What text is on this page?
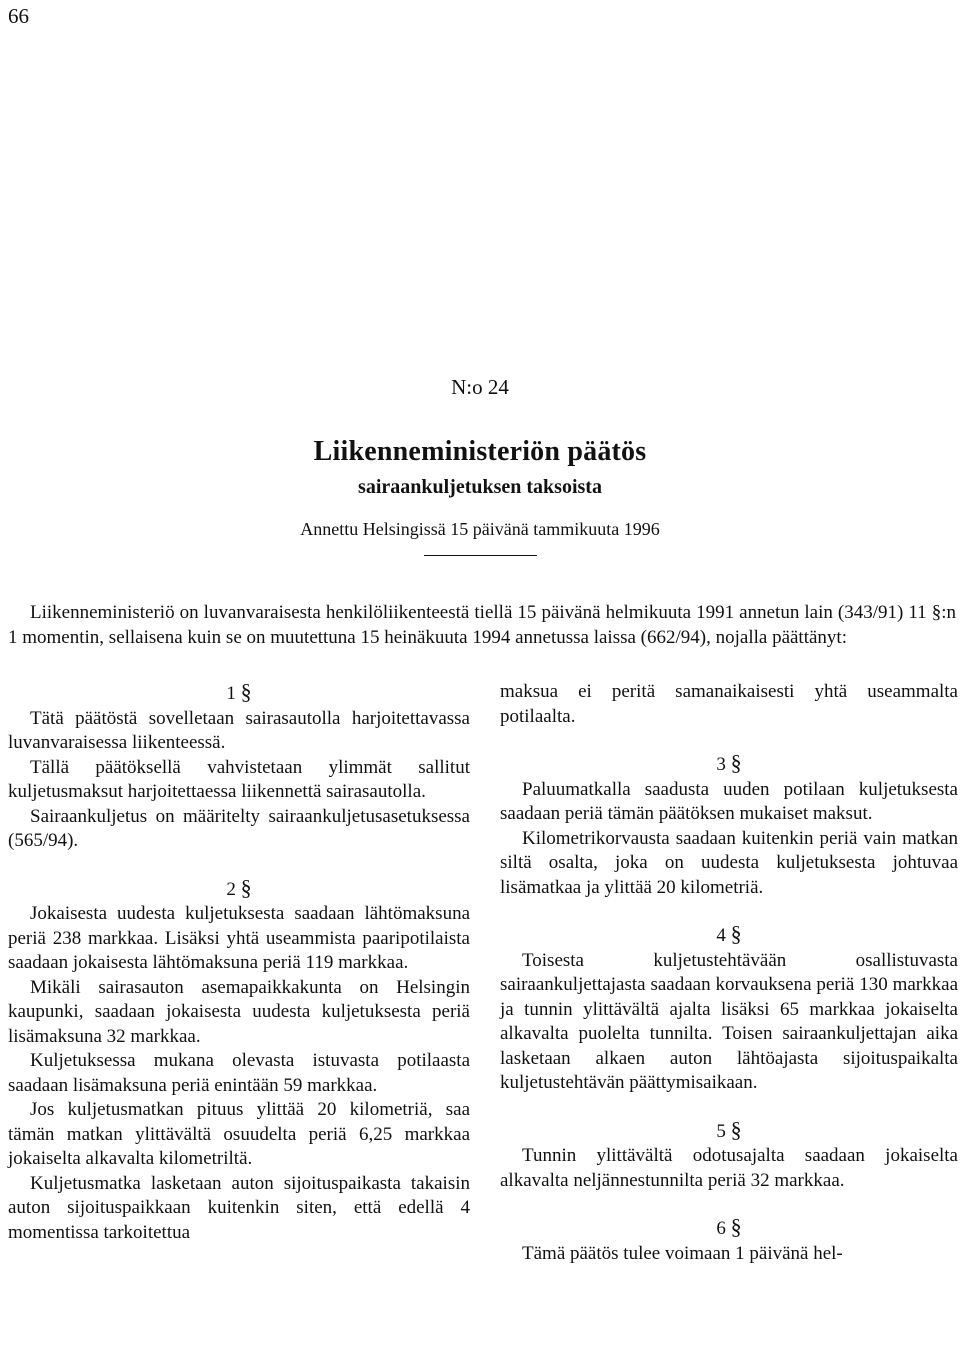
66
N:o 24
Liikenneministeriön päätös
sairaankuljetuksen taksoista
Annettu Helsingissä 15 päivänä tammikuuta 1996

Liikenneministeriö on luvanvaraisesta henkilöliikenteestä tiellä 15 päivänä helmikuuta 1991 annetun lain (343/91) 11 §:n 1 momentin, sellaisena kuin se on muutettuna 15 heinäkuuta 1994 annetussa laissa (662/94), nojalla päättänyt:

1 §

Tätä päätöstä sovelletaan sairasautolla harjoitettavassa luvanvaraisessa liikenteessä.

Tällä päätöksellä vahvistetaan ylimmät sallitut kuljetusmaksut harjoitettaessa liikennettä sairasautolla.

Sairaankuljetus on määritelty sairaankuljetusasetuksessa (565/94).

2 §

Jokaisesta uudesta kuljetuksesta saadaan lähtömaksuna periä 238 markkaa. Lisäksi yhtä useammista paaripotilaista saadaan jokaisesta lähtömaksuna periä 119 markkaa.

Mikäli sairasauton asemapaikkakunta on Helsingin kaupunki, saadaan jokaisesta uudesta kuljetuksesta periä lisämaksuna 32 markkaa.

Kuljetuksessa mukana olevasta istuvasta potilaasta saadaan lisämaksuna periä enintään 59 markkaa.

Jos kuljetusmatkan pituus ylittää 20 kilometriä, saa tämän matkan ylittävältä osuudelta periä 6,25 markkaa jokaiselta alkavalta kilometriltä.

Kuljetusmatka lasketaan auton sijoituspaikasta takaisin auton sijoituspaikkaan kuitenkin siten, että edellä 4 momentissa tarkoitettua

maksua ei peritä samanaikaisesti yhtä useammalta potilaalta.

3 §

Paluumatkalla saadusta uuden potilaan kuljetuksesta saadaan periä tämän päätöksen mukaiset maksut.

Kilometrikorvausta saadaan kuitenkin periä vain matkan siltä osalta, joka on uudesta kuljetuksesta johtuvaa lisämatkaa ja ylittää 20 kilometriä.

4 §

Toisesta kuljetustehtävään osallistuvasta sairaankuljettajasta saadaan korvauksena periä 130 markkaa ja tunnin ylittävältä ajalta lisäksi 65 markkaa jokaiselta alkavalta puolelta tunnilta. Toisen sairaankuljettajan aika lasketaan alkaen auton lähtöajasta sijoituspaikalta kuljetustehtävän päättymisaikaan.

5 §

Tunnin ylittävältä odotusajalta saadaan jokaiselta alkavalta neljännestunnilta periä 32 markkaa.

6 §

Tämä päätös tulee voimaan 1 päivänä hel-
